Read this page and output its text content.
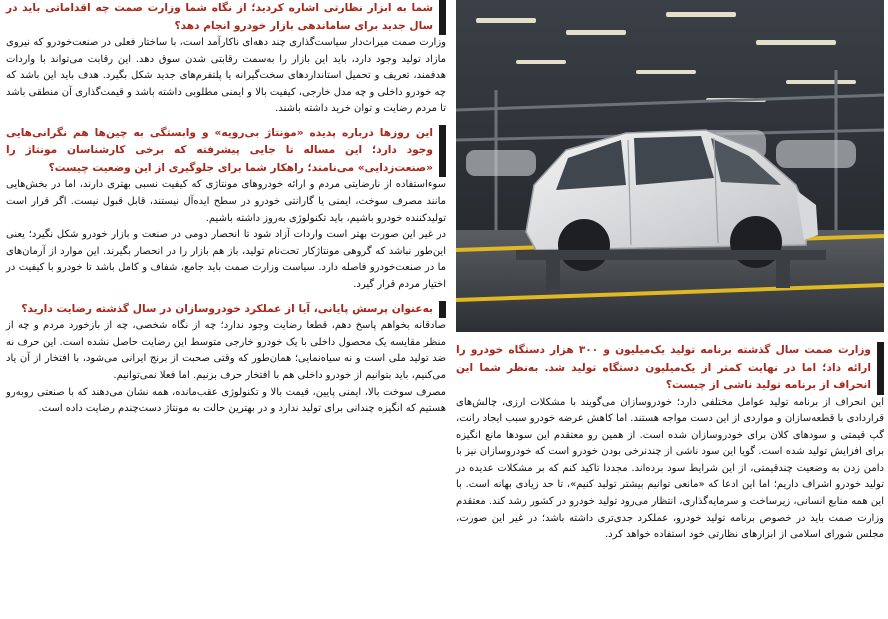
شما به ابزار نظارتی اشاره کردید؛ از نگاه شما وزارت صمت چه اقداماتی باید در سال جدید برای ساماندهی بازار خودرو انجام دهد؟

وزارت صمت میراث‌دار سیاست‌گذاری چند دهه‌ای ناکارآمد است، با ساختار فعلی در صنعت‌خودرو که نیروی مازاد تولید وجود دارد، باید این بازار را به‌سمت رقابتی شدن سوق دهد. این رقابت می‌تواند با واردات هدفمند، تعریف و تحمیل استانداردهای سخت‌گیرانه یا پلتفرم‌های جدید شکل بگیرد. هدف باید این باشد که چه خودرو داخلی و چه مدل خارجی، کیفیت بالا و ایمنی مطلوبی داشته باشد و قیمت‌گذاری آن منطقی باشد تا مردم رضایت و توان خرید داشته باشند.

این روزها درباره پدیده «مونتاژ بی‌رویه» و وابستگی به چین‌ها هم نگرانی‌هایی وجود دارد؛ این مساله تا جایی پیشرفته که برخی کارشناسان مونتاژ را «صنعت‌زدایی» می‌نامند؛ راهکار شما برای جلوگیری از این وضعیت چیست؟

سوءاستفاده از نارضایتی مردم و ارائه خودروهای مونتاژی که کیفیت نسبی بهتری دارند، اما در بخش‌هایی مانند مصرف سوخت، ایمنی یا گارانتی خودرو در سطح ایده‌آل نیستند، قابل قبول نیست. اگر قرار است تولیدکننده خودرو باشیم، باید تکنولوژی به‌روز داشته باشیم.

در غیر این صورت بهتر است واردات آزاد شود تا انحصار دومی در صنعت و بازار خودرو شکل نگیرد؛ یعنی این‌طور نباشد که گروهی مونتاژکار تحت‌نام تولید، باز هم بازار را در انحصار بگیرند. این موارد از آرمان‌های ما در صنعت‌خودرو فاصله دارد. سیاست وزارت صمت باید جامع، شفاف و کامل باشد تا خودرو با کیفیت در اختیار مردم قرار گیرد.

به‌عنوان پرسش پایانی، آیا از عملکرد خودروسازان در سال گذشته رضایت دارید؟

صادقانه بخواهم پاسخ دهم، قطعا رضایت وجود ندارد؛ چه از نگاه شخصی، چه از بازخورد مردم و چه از منظر مقایسه یک محصول داخلی با یک خودرو خارجی متوسط این رضایت حاصل نشده است. این حرف نه ضد تولید ملی است و نه سیاه‌نمایی؛ همان‌طور که وقتی صحبت از برنج ایرانی می‌شود، با افتخار از آن یاد می‌کنیم، باید بتوانیم از خودرو داخلی هم با افتخار حرف بزنیم. اما فعلا نمی‌توانیم.

مصرف سوخت بالا، ایمنی پایین، قیمت بالا و تکنولوژی عقب‌مانده، همه نشان می‌دهند که با صنعتی روبه‌رو هستیم که انگیزه چندانی برای تولید ندارد و در بهترین حالت به مونتاژ دست‌چندم رضایت داده است.

وزارت صمت سال گذشته برنامه تولید یک‌میلیون و ۳۰۰ هزار دستگاه خودرو را ارائه داد؛ اما در نهایت کمتر از یک‌میلیون دستگاه تولید شد. به‌نظر شما این انحراف از برنامه تولید ناشی از چیست؟

این انحراف از برنامه تولید عوامل مختلفی دارد؛ خودروسازان می‌گویند با مشکلات ارزی، چالش‌های قراردادی با قطعه‌سازان و مواردی از این دست مواجه هستند. اما کاهش عرضه خودرو سبب ایجاد رانت، گپ قیمتی و سودهای کلان برای خودروسازان شده است. از همین رو معتقدم این سودها مانع انگیزه برای افزایش تولید شده است. گویا این سود ناشی از چندنرخی بودن خودرو است که خودروسازان نیز با دامن زدن به وضعیت چندقیمتی، از این شرایط سود برده‌اند. مجددا تاکید کنم که بر مشکلات عدیده در تولید خودرو اشراف داریم؛ اما این ادعا که «مانعی توانیم بیشتر تولید کنیم»، تا حد زیادی بهانه است. با این همه منابع انسانی، زیرساخت و سرمایه‌گذاری، انتظار می‌رود تولید خودرو در کشور رشد کند. معتقدم وزارت صمت باید در خصوص برنامه تولید خودرو، عملکرد جدی‌تری داشته باشد؛ در غیر این صورت، مجلس شورای اسلامی از ابزارهای نظارتی خود استفاده خواهد کرد.
